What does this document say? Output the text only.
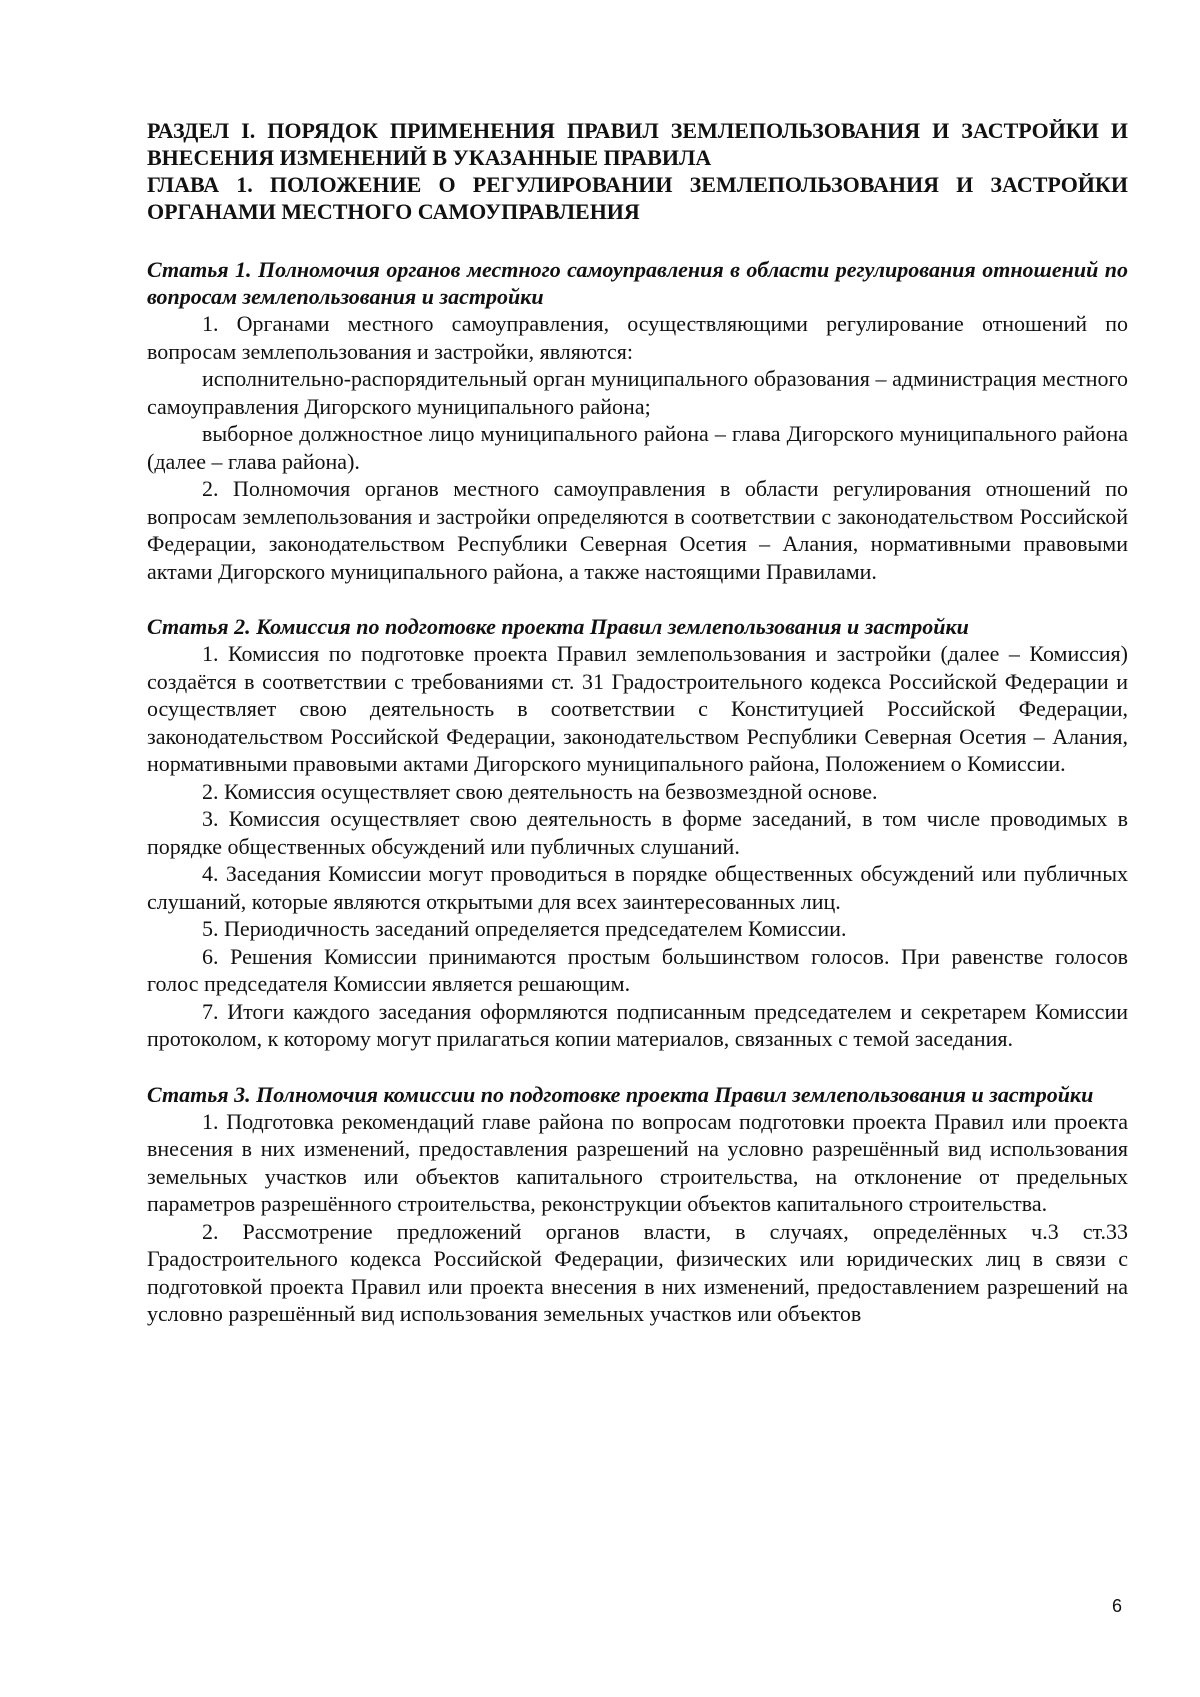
РАЗДЕЛ I. ПОРЯДОК ПРИМЕНЕНИЯ ПРАВИЛ ЗЕМЛЕПОЛЬЗОВАНИЯ И ЗАСТРОЙКИ И ВНЕСЕНИЯ ИЗМЕНЕНИЙ В УКАЗАННЫЕ ПРАВИЛА

ГЛАВА 1. ПОЛОЖЕНИЕ О РЕГУЛИРОВАНИИ ЗЕМЛЕПОЛЬЗОВАНИЯ И ЗАСТРОЙКИ ОРГАНАМИ МЕСТНОГО САМОУПРАВЛЕНИЯ

Статья 1. Полномочия органов местного самоуправления в области регулирования отношений по вопросам землепользования и застройки

1. Органами местного самоуправления, осуществляющими регулирование отношений по вопросам землепользования и застройки, являются:

исполнительно-распорядительный орган муниципального образования – администрация местного самоуправления Дигорского муниципального района;

выборное должностное лицо муниципального района – глава Дигорского муниципального района (далее – глава района).

2. Полномочия органов местного самоуправления в области регулирования отношений по вопросам землепользования и застройки определяются в соответствии с законодательством Российской Федерации, законодательством Республики Северная Осетия – Алания, нормативными правовыми актами Дигорского муниципального района, а также настоящими Правилами.

Статья 2. Комиссия по подготовке проекта Правил землепользования и застройки

1. Комиссия по подготовке проекта Правил землепользования и застройки (далее – Комиссия) создаётся в соответствии с требованиями ст. 31 Градостроительного кодекса Российской Федерации и осуществляет свою деятельность в соответствии с Конституцией Российской Федерации, законодательством Российской Федерации, законодательством Республики Северная Осетия – Алания, нормативными правовыми актами Дигорского муниципального района, Положением о Комиссии.

2. Комиссия осуществляет свою деятельность на безвозмездной основе.

3. Комиссия осуществляет свою деятельность в форме заседаний, в том числе проводимых в порядке общественных обсуждений или публичных слушаний.

4. Заседания Комиссии могут проводиться в порядке общественных обсуждений или публичных слушаний, которые являются открытыми для всех заинтересованных лиц.

5. Периодичность заседаний определяется председателем Комиссии.

6. Решения Комиссии принимаются простым большинством голосов. При равенстве голосов голос председателя Комиссии является решающим.

7. Итоги каждого заседания оформляются подписанным председателем и секретарем Комиссии протоколом, к которому могут прилагаться копии материалов, связанных с темой заседания.

Статья 3. Полномочия комиссии по подготовке проекта Правил землепользования и застройки

1. Подготовка рекомендаций главе района по вопросам подготовки проекта Правил или проекта внесения в них изменений, предоставления разрешений на условно разрешённый вид использования земельных участков или объектов капитального строительства, на отклонение от предельных параметров разрешённого строительства, реконструкции объектов капитального строительства.

2. Рассмотрение предложений органов власти, в случаях, определённых ч.3 ст.33 Градостроительного кодекса Российской Федерации, физических или юридических лиц в связи с подготовкой проекта Правил или проекта внесения в них изменений, предоставлением разрешений на условно разрешённый вид использования земельных участков или объектов

6
